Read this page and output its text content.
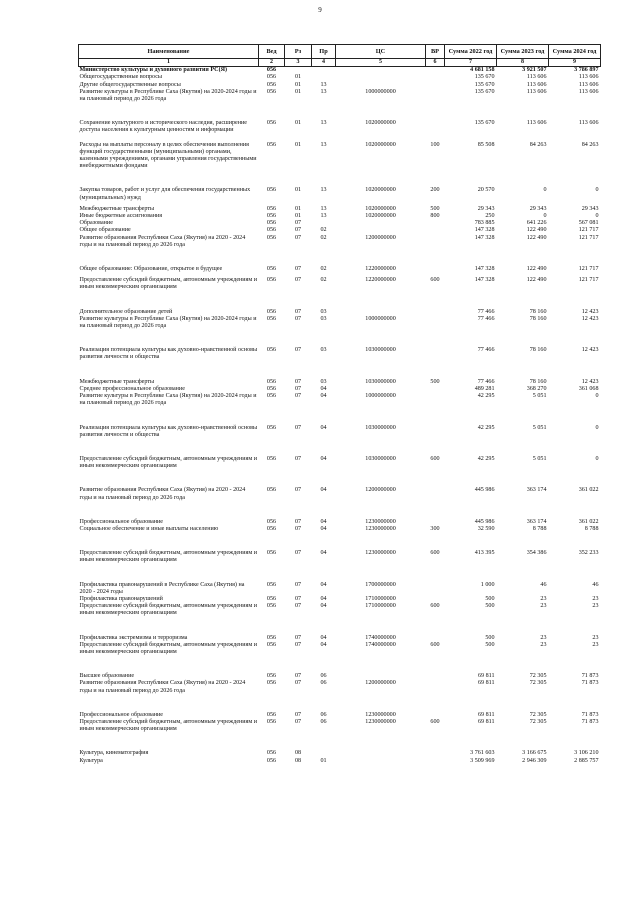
9
Наименование	Вед	Рз	Пр	ЦС	ВР	Сумма 2022 год	Сумма 2023 год	Сумма 2024 год
1	2	3	4	5	6	7	8	9
Министерство культуры и духовного развития РС(Я)	056					4 681 158	3 921 507	3 786 897
Общегосударственные вопросы	056	01				135 670	113 606	113 606
Другие общегосударственные вопросы	056	01	13			135 670	113 606	113 606
Развитие культуры в Республике Саха (Якутия) на 2020-2024 годы и на плановый период до 2026 года	056	01	13	1000000000		135 670	113 606	113 606
Сохранение культурного и исторического наследия, расширение доступа населения к культурным ценностям и информации	056	01	13	1020000000		135 670	113 606	113 606
Расходы на выплаты персоналу в целях обеспечения выполнения функций государственными (муниципальными) органами, казенными учреждениями, органами управления государственными внебюджетными фондами	056	01	13	1020000000	100	85 508	84 263	84 263
Закупка товаров, работ и услуг для обеспечения государственных (муниципальных) нужд	056	01	13	1020000000	200	20 570	0	0
Межбюджетные трансферты	056	01	13	1020000000	500	29 343	29 343	29 343
Иные бюджетные ассигнования	056	01	13	1020000000	800	250	0	0
Образование	056	07				783 885	641 226	567 081
Общее образование	056	07	02			147 328	122 490	121 717
Развитие образования Республики Саха (Якутия) на 2020 - 2024 годы и на плановый период до 2026 года	056	07	02	1200000000		147 328	122 490	121 717
Общее образование: Образование, открытое в будущее	056	07	02	1220000000		147 328	122 490	121 717
Предоставление субсидий бюджетным, автономным учреждениям и иным некоммерческим организациям	056	07	02	1220000000	600	147 328	122 490	121 717
Дополнительное образование детей	056	07	03			77 466	78 160	12 423
Развитие культуры в Республике Саха (Якутия) на 2020-2024 годы и на плановый период до 2026 года	056	07	03	1000000000		77 466	78 160	12 423
Реализация потенциала культуры как духовно-нравственной основы развития личности и общества	056	07	03	1030000000		77 466	78 160	12 423
Межбюджетные трансферты	056	07	03	1030000000	500	77 466	78 160	12 423
Среднее профессиональное образование	056	07	04			489 281	368 270	361 068
Развитие культуры в Республике Саха (Якутия) на 2020-2024 годы и на плановый период до 2026 года	056	07	04	1000000000		42 295	5 051	0
Реализация потенциала культуры как духовно-нравственной основы развития личности и общества	056	07	04	1030000000		42 295	5 051	0
Предоставление субсидий бюджетным, автономным учреждениям и иным некоммерческим организациям	056	07	04	1030000000	600	42 295	5 051	0
Развитие образования Республики Саха (Якутия) на 2020 - 2024 годы и на плановый период до 2026 года	056	07	04	1200000000		445 986	363 174	361 022
Профессиональное образование	056	07	04	1230000000		445 986	363 174	361 022
Социальное обеспечение и иные выплаты населению	056	07	04	1230000000	300	32 590	8 788	8 788
Предоставление субсидий бюджетным, автономным учреждениям и иным некоммерческим организациям	056	07	04	1230000000	600	413 395	354 386	352 233
Профилактика правонарушений в Республике Саха (Якутия) на 2020 - 2024 годы	056	07	04	1700000000		1 000	46	46
Профилактика правонарушений	056	07	04	1710000000		500	23	23
Предоставление субсидий бюджетным, автономным учреждениям и иным некоммерческим организациям	056	07	04	1710000000	600	500	23	23
Профилактика экстремизма и терроризма	056	07	04	1740000000		500	23	23
Предоставление субсидий бюджетным, автономным учреждениям и иным некоммерческим организациям	056	07	04	1740000000	600	500	23	23
Высшее образование	056	07	06			69 811	72 305	71 873
Развитие образования Республики Саха (Якутия) на 2020 - 2024 годы и на плановый период до 2026 года	056	07	06	1200000000		69 811	72 305	71 873
Профессиональное образование	056	07	06	1230000000		69 811	72 305	71 873
Предоставление субсидий бюджетным, автономным учреждениям и иным некоммерческим организациям	056	07	06	1230000000	600	69 811	72 305	71 873
Культура, кинематография	056	08				3 761 603	3 166 675	3 106 210
Культура	056	08	01			3 509 969	2 946 309	2 885 757
